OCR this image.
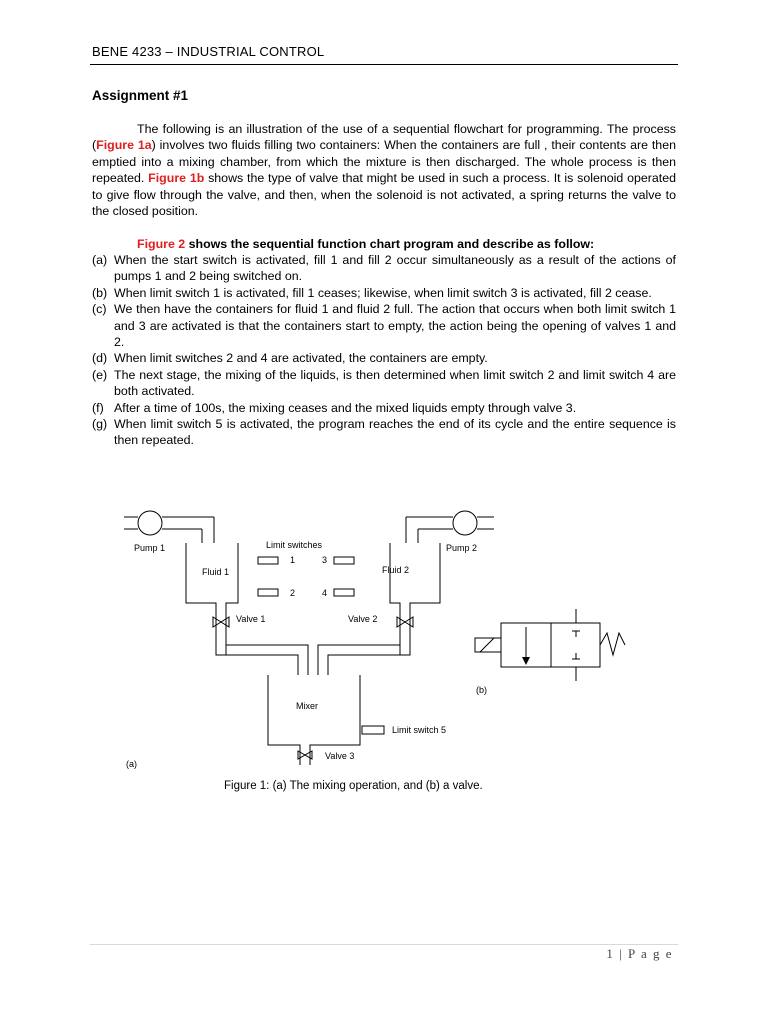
BENE 4233 – INDUSTRIAL CONTROL
Assignment #1
The following is an illustration of the use of a sequential flowchart for programming. The process (Figure 1a) involves two fluids filling two containers: When the containers are full , their contents are then emptied into a mixing chamber, from which the mixture is then discharged. The whole process is then repeated. Figure 1b shows the type of valve that might be used in such a process. It is solenoid operated to give flow through the valve, and then, when the solenoid is not activated, a spring returns the valve to the closed position.
Figure 2 shows the sequential function chart program and describe as follow:
(a) When the start switch is activated, fill 1 and fill 2 occur simultaneously as a result of the actions of pumps 1 and 2 being switched on.
(b) When limit switch 1 is activated, fill 1 ceases; likewise, when limit switch 3 is activated, fill 2 cease.
(c) We then have the containers for fluid 1 and fluid 2 full. The action that occurs when both limit switch 1 and 3 are activated is that the containers start to empty, the action being the opening of valves 1 and 2.
(d) When limit switches 2 and 4 are activated, the containers are empty.
(e) The next stage, the mixing of the liquids, is then determined when limit switch 2 and limit switch 4 are both activated.
(f) After a time of 100s, the mixing ceases and the mixed liquids empty through valve 3.
(g) When limit switch 5 is activated, the program reaches the end of its cycle and the entire sequence is then repeated.
Pump 1	Pump 2
Fluid 1	Fluid 2
Limit switches
1	3
2	4
Valve 1	Valve 2
Mixer
Limit switch 5
Valve 3
(a)
(b)
Figure 1: (a) The mixing operation, and (b) a valve.
1 | P a g e
